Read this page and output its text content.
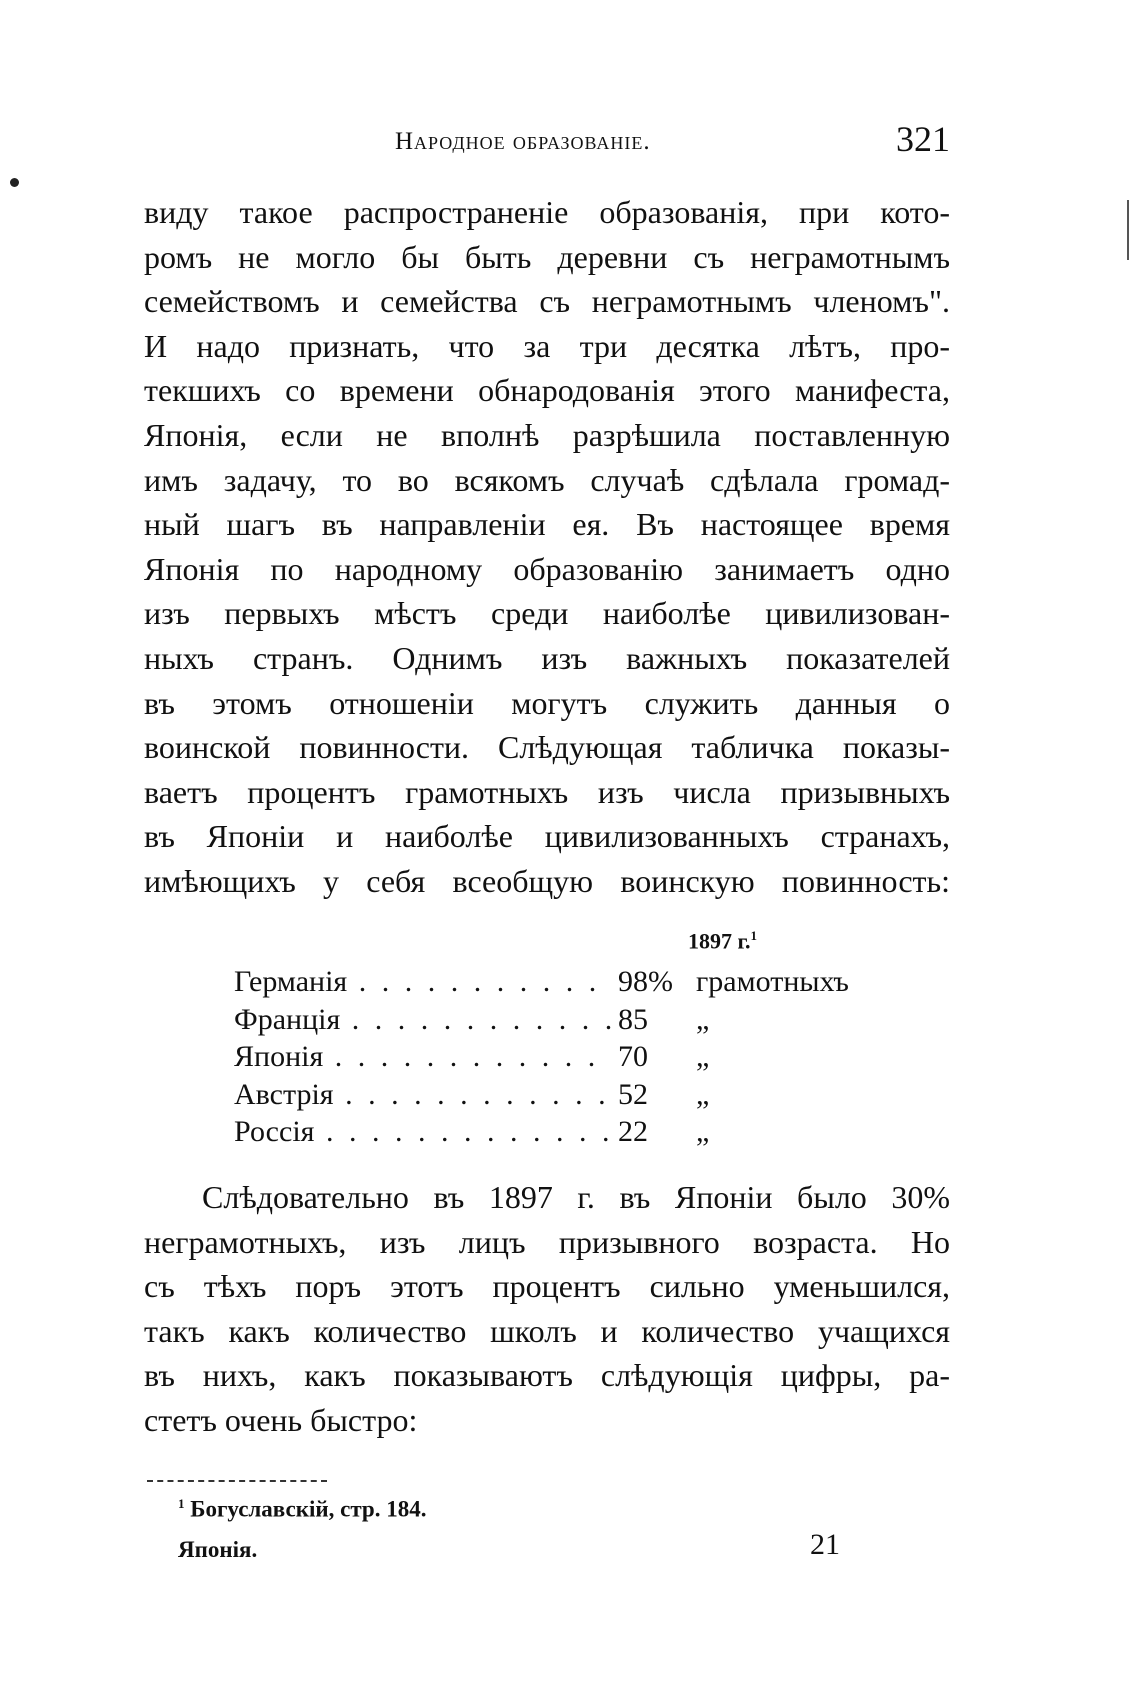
Народное образованіе.	321
виду такое распространеніе образованія, при кото-
ромъ не могло бы быть деревни съ неграмотнымъ
семействомъ и семейства съ неграмотнымъ членомъ".
И надо признать, что за три десятка лѣтъ, про-
текшихъ со времени обнародованія этого манифеста,
Японія, если не вполнѣ разрѣшила поставленную
имъ задачу, то во всякомъ случаѣ сдѣлала громад-
ный шагъ въ направленіи ея. Въ настоящее время
Японія по народному образованію занимаетъ одно
изъ первыхъ мѣстъ среди наиболѣе цивилизован-
ныхъ странъ. Однимъ изъ важныхъ показателей
въ этомъ отношеніи могутъ служить данныя о
воинской повинности. Слѣдующая табличка показы-
ваетъ процентъ грамотныхъ изъ числа призывныхъ
въ Японіи и наиболѣе цивилизованныхъ странахъ,
имѣющихъ у себя всеобщую воинскую повинность:
1897 г.$^1$
Германія . . .	98% грамотныхъ
Франція . . .	85	„
Японія . . .	70	„
Австрія . . .	52	„
Россія . . .	22	„
Слѣдовательно въ 1897 г. въ Японіи было 30%
неграмотныхъ, изъ лицъ призывного возраста. Но
съ тѣхъ поръ этотъ процентъ сильно уменьшился,
такъ какъ количество школъ и количество учащихся
въ нихъ, какъ показываютъ слѣдующія цифры, ра-
стетъ очень быстро:
$^1$ Богуславскій, стр. 184.
Японія.	21
